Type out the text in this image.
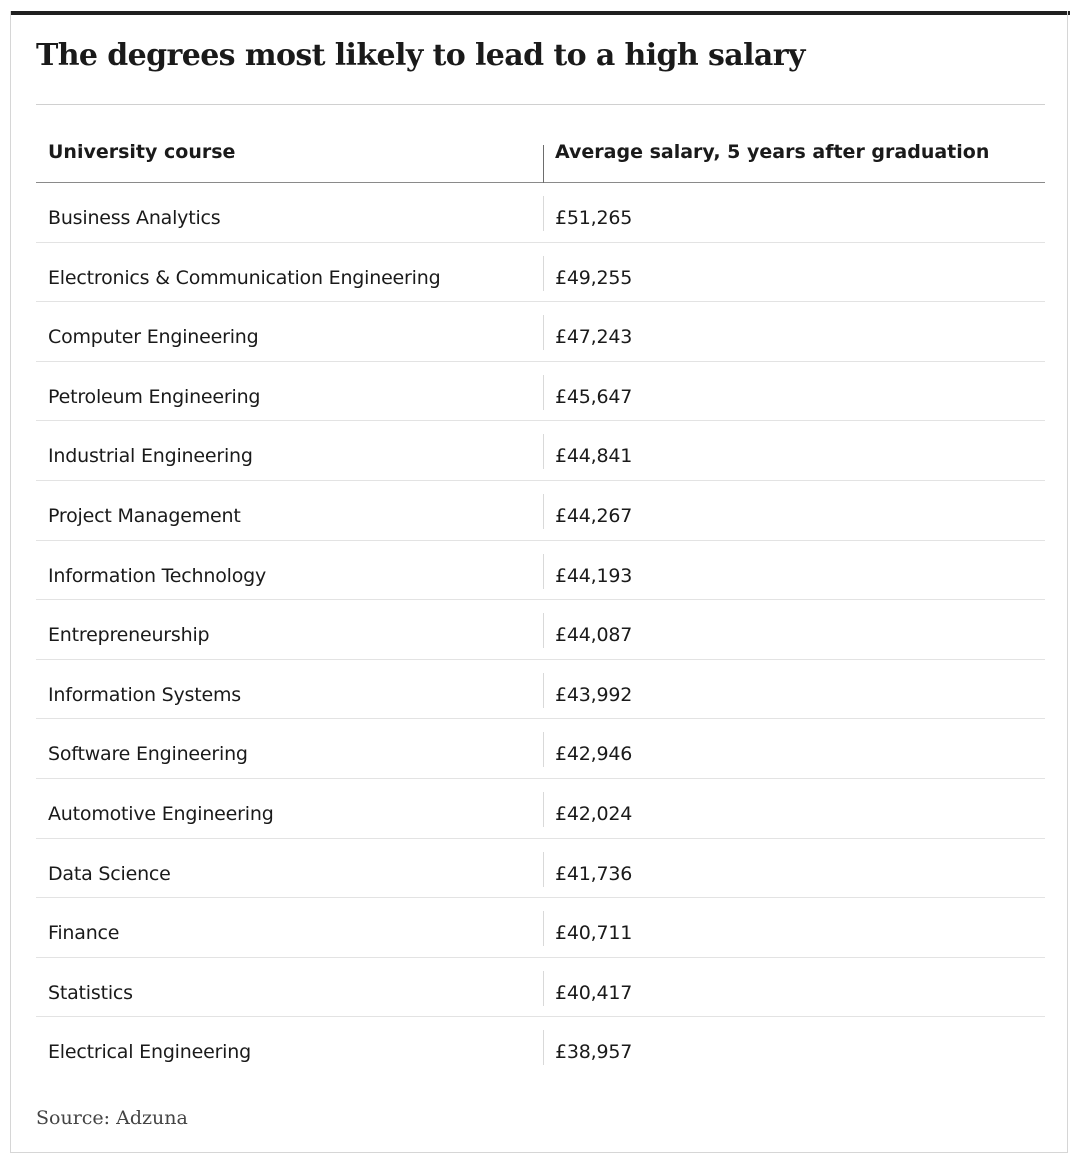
The degrees most likely to lead to a high salary
University course	Average salary, 5 years after graduation
Business Analytics	£51,265
Electronics & Communication Engineering	£49,255
Computer Engineering	£47,243
Petroleum Engineering	£45,647
Industrial Engineering	£44,841
Project Management	£44,267
Information Technology	£44,193
Entrepreneurship	£44,087
Information Systems	£43,992
Software Engineering	£42,946
Automotive Engineering	£42,024
Data Science	£41,736
Finance	£40,711
Statistics	£40,417
Electrical Engineering	£38,957
Source: Adzuna
